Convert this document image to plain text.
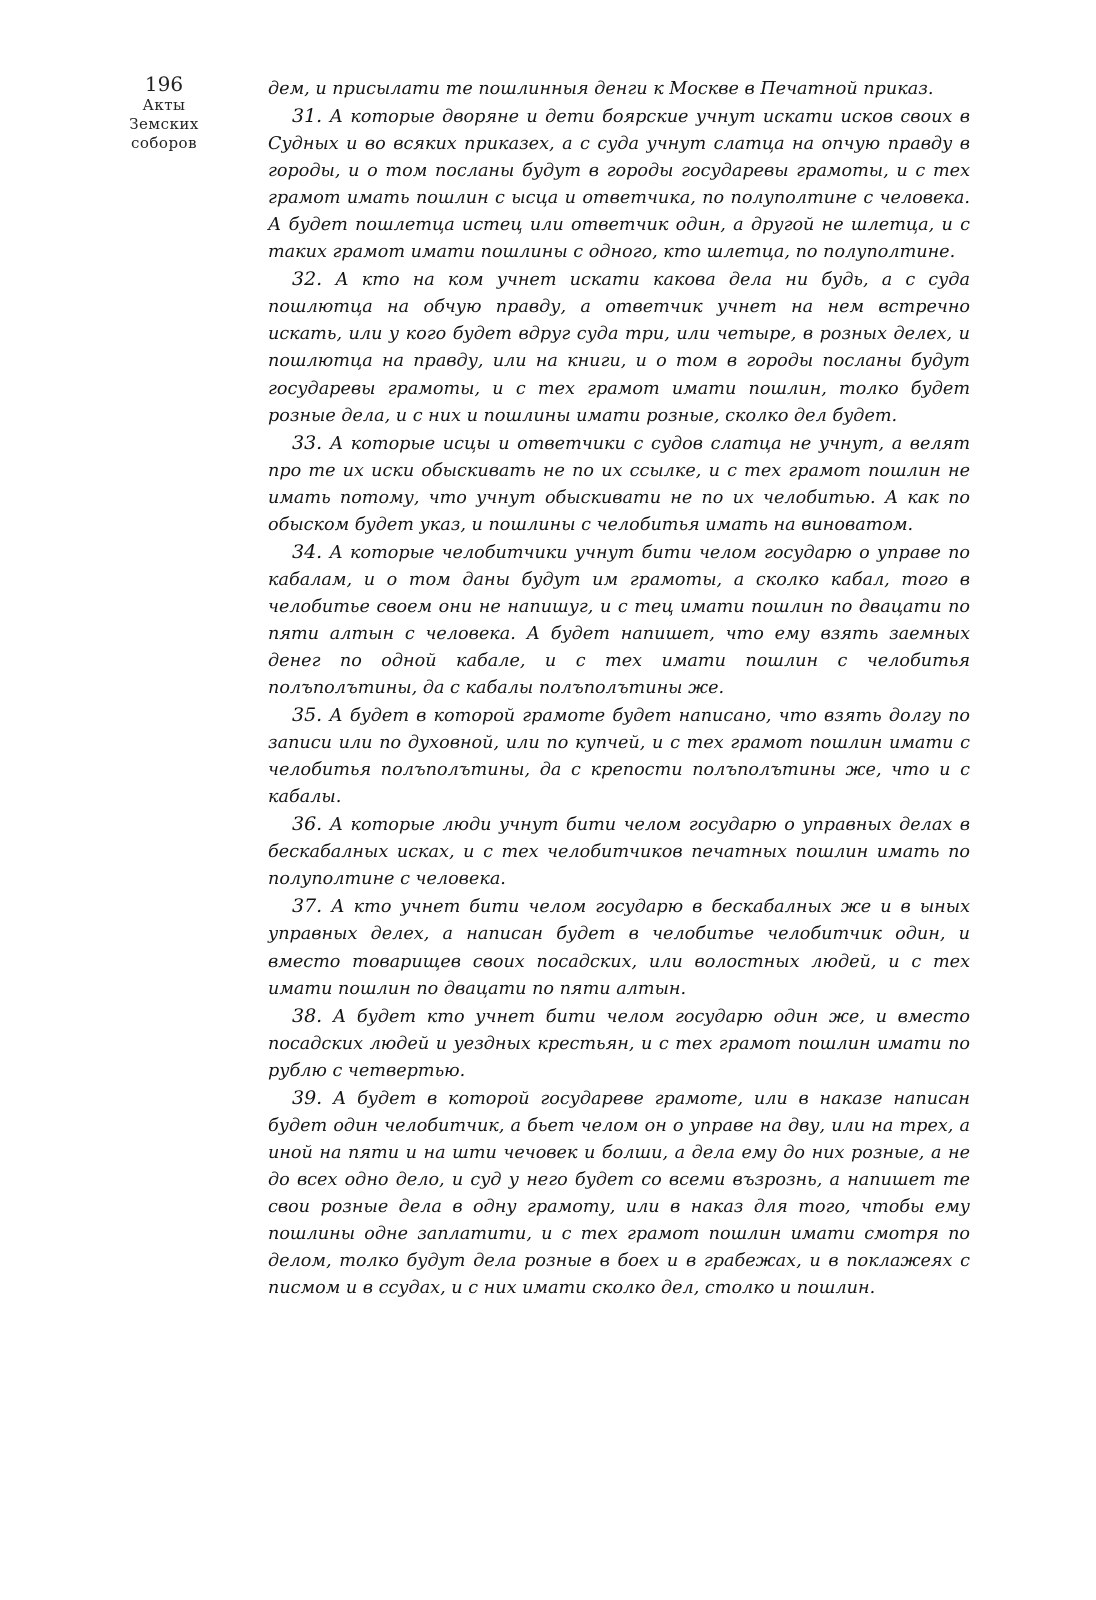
196
Акты
Земских
соборов

дем, и присылати те пошлинныя денги к Москве в Печатной приказ.

31. А которые дворяне и дети боярские учнут искати исков своих в Судных и во всяких приказех, а с суда учнут слатца на опчую правду в городы, и о том посланы будут в городы государевы грамоты, и с тех грамот имать пошлин с ысца и ответчика, по полуполтине с человека. А будет пошлетца истец или ответчик один, а другой не шлетца, и с таких грамот имати пошлины с одного, кто шлетца, по полуполтине.

32. А кто на ком учнет искати какова дела ни будь, а с суда пошлютца на обчую правду, а ответчик учнет на нем встречно искать, или у кого будет вдруг суда три, или четыре, в розных делех, и пошлютца на правду, или на книги, и о том в городы посланы будут государевы грамоты, и с тех грамот имати пошлин, толко будет розные дела, и с них и пошлины имати розные, сколко дел будет.

33. А которые исцы и ответчики с судов слатца не учнут, а велят про те их иски обыскивать не по их ссылке, и с тех грамот пошлин не имать потому, что учнут обыскивати не по их челобитью. А как по обыском будет указ, и пошлины с челобитья имать на виноватом.

34. А которые челобитчики учнут бити челом государю о управе по кабалам, и о том даны будут им грамоты, а сколко кабал, того в челобитье своем они не напишуг, и с тец имати пошлин по двацати по пяти алтын с человека. А будет напишет, что ему взять заемных денег по одной кабале, и с тех имати пошлин с челобитья полъполътины, да с кабалы полъполътины же.

35. А будет в которой грамоте будет написано, что взять долгу по записи или по духовной, или по купчей, и с тех грамот пошлин имати с челобитья полъполътины, да с крепости полъполътины же, что и с кабалы.

36. А которые люди учнут бити челом государю о управных делах в бескабалных исках, и с тех челобитчиков печатных пошлин имать по полуполтине с человека.

37. А кто учнет бити челом государю в бескабалных же и в ыных управных делех, а написан будет в челобитье челобитчик один, и вместо товарищев своих посадских, или волостных людей, и с тех имати пошлин по двацати по пяти алтын.

38. А будет кто учнет бити челом государю один же, и вместо посадских людей и уездных крестьян, и с тех грамот пошлин имати по рублю с четвертью.

39. А будет в которой государеве грамоте, или в наказе написан будет один челобитчик, а бьет челом он о управе на дву, или на трех, а иной на пяти и на шти чечовек и болши, а дела ему до них розные, а не до всех одно дело, и суд у него будет со всеми възрознь, а напишет те свои розные дела в одну грамоту, или в наказ для того, чтобы ему пошлины одне заплатити, и с тех грамот пошлин имати смотря по делом, толко будут дела розные в боех и в грабежах, и в поклажеях с писмом и в ссудах, и с них имати сколко дел, столко и пошлин.
